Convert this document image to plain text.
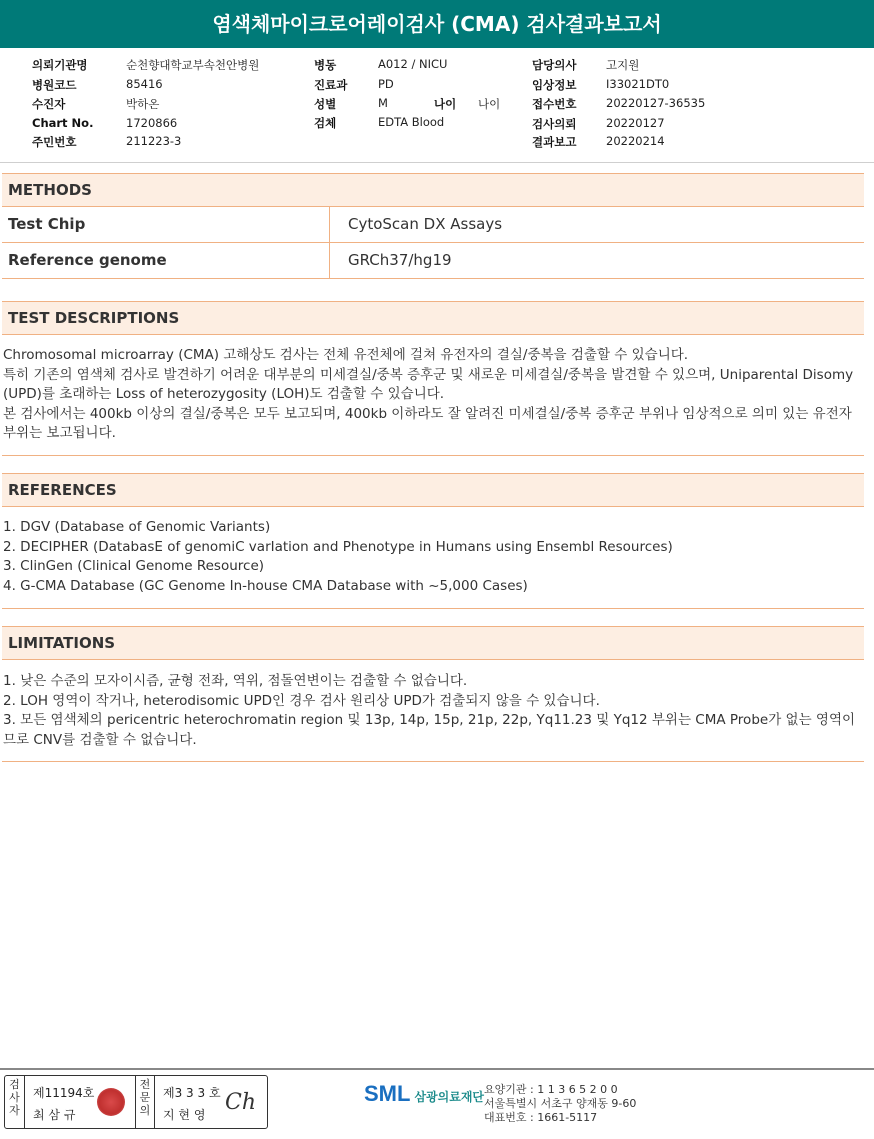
염색체마이크로어레이검사 (CMA) 검사결과보고서
의뢰기관명	순천향대학교부속천안병원
병원코드	85416
수진자	박하온
Chart No.	1720866
주민번호	211223-3
병동	A012 / NICU
진료과	PD
성별	M	나이 나이
검체	EDTA Blood
담당의사	고지원
임상정보	I33021DT0
접수번호	20220127-36535
검사의뢰	20220127
결과보고	20220214
METHODS
Test Chip	CytoScan DX Assays
Reference genome	GRCh37/hg19
TEST DESCRIPTIONS

Chromosomal microarray (CMA) 고해상도 검사는 전체 유전체에 걸쳐 유전자의 결실/중복을 검출할 수 있습니다.

특히 기존의 염색체 검사로 발견하기 어려운 대부분의 미세결실/중복 증후군 및 새로운 미세결실/중복을 발견할 수 있으며, Uniparental Disomy (UPD)를 초래하는 Loss of heterozygosity (LOH)도 검출할 수 있습니다.

본 검사에서는 400kb 이상의 결실/중복은 모두 보고되며, 400kb 이하라도 잘 알려진 미세결실/중복 증후군 부위나 임상적으로 의미 있는 유전자 부위는 보고됩니다.

REFERENCES

1. DGV (Database of Genomic Variants)

2. DECIPHER (DatabasE of genomiC varIation and Phenotype in Humans using Ensembl Resources)

3. ClinGen (Clinical Genome Resource)

4. G-CMA Database (GC Genome In-house CMA Database with ~5,000 Cases)

LIMITATIONS

1. 낮은 수준의 모자이시즘, 균형 전좌, 역위, 점돌연변이는 검출할 수 없습니다.

2. LOH 영역이 작거나, heterodisomic UPD인 경우 검사 원리상 UPD가 검출되지 않을 수 있습니다.

3. 모든 염색체의 pericentric heterochromatin region 및 13p, 14p, 15p, 21p, 22p, Yq11.23 및 Yq12 부위는 CMA Probe가 없는 영역이므로 CNV를 검출할 수 없습니다.

검
사
자
제11194호
최 삼 규
전
문
의
제3 3 3 호
지 현 영 Ch	SML 삼광의료재단
요양기관 : 1 1 3 6 5 2 0 0
서울특별시 서초구 양재동 9-60
대표번호 : 1661-5117
